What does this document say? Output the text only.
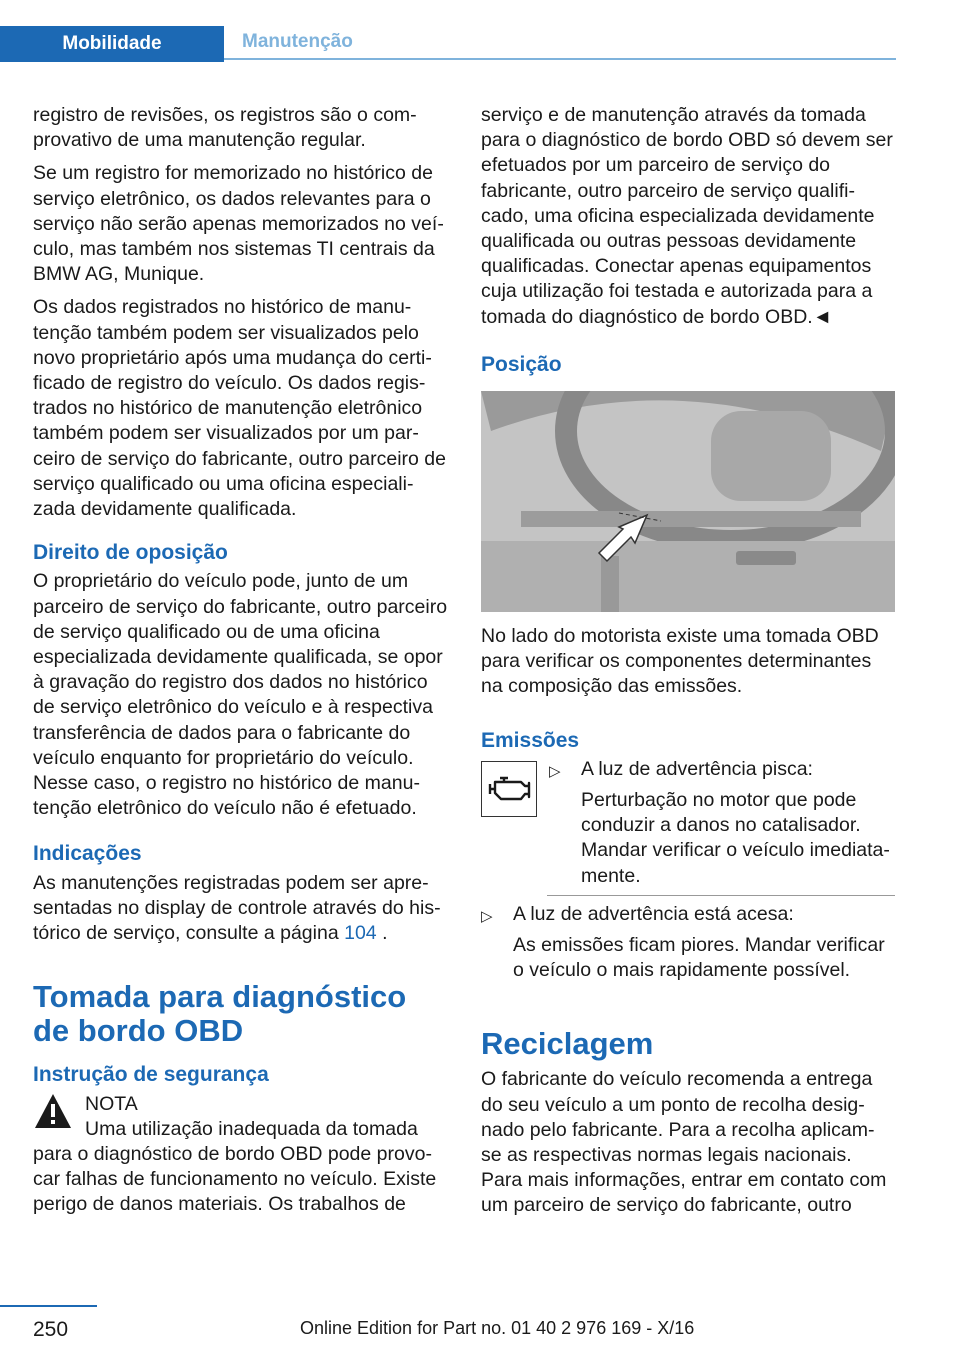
Mobilidade	Manutenção

registro de revisões, os registros são o comprovativo de uma manutenção regular.

Se um registro for memorizado no histórico de serviço eletrônico, os dados relevantes para o serviço não serão apenas memorizados no veículo, mas também nos sistemas TI centrais da BMW AG, Munique.

Os dados registrados no histórico de manutenção também podem ser visualizados pelo novo proprietário após uma mudança do certificado de registro do veículo. Os dados registrados no histórico de manutenção eletrônico também podem ser visualizados por um parceiro de serviço do fabricante, outro parceiro de serviço qualificado ou uma oficina especializada devidamente qualificada.

Direito de oposição

O proprietário do veículo pode, junto de um parceiro de serviço do fabricante, outro parceiro de serviço qualificado ou de uma oficina especializada devidamente qualificada, se opor à gravação do registro dos dados no histórico de serviço eletrônico do veículo e à respectiva transferência de dados para o fabricante do veículo enquanto for proprietário do veículo. Nesse caso, o registro no histórico de manutenção eletrônico do veículo não é efetuado.

Indicações

As manutenções registradas podem ser apresentadas no display de controle através do histórico de serviço, consulte a página 104 .

Tomada para diagnóstico de bordo OBD
Instrução de segurança
NOTA
Uma utilização inadequada da tomada
para o diagnóstico de bordo OBD pode provocar falhas de funcionamento no veículo. Existe perigo de danos materiais. Os trabalhos de

serviço e de manutenção através da tomada para o diagnóstico de bordo OBD só devem ser efetuados por um parceiro de serviço do fabricante, outro parceiro de serviço qualificado, uma oficina especializada devidamente qualificada ou outras pessoas devidamente qualificadas. Conectar apenas equipamentos cuja utilização foi testada e autorizada para a tomada do diagnóstico de bordo OBD.◄

Posição

No lado do motorista existe uma tomada OBD para verificar os componentes determinantes na composição das emissões.

Emissões
▷	A luz de advertência pisca:
Perturbação no motor que pode conduzir a danos no catalisador. Mandar verificar o veículo imediatamente.
▷	A luz de advertência está acesa:
As emissões ficam piores. Mandar verificar o veículo o mais rapidamente possível.
Reciclagem

O fabricante do veículo recomenda a entrega do seu veículo a um ponto de recolha designado pelo fabricante. Para a recolha aplicam-se as respectivas normas legais nacionais. Para mais informações, entrar em contato com um parceiro de serviço do fabricante, outro

250	Online Edition for Part no. 01 40 2 976 169 - X/16
